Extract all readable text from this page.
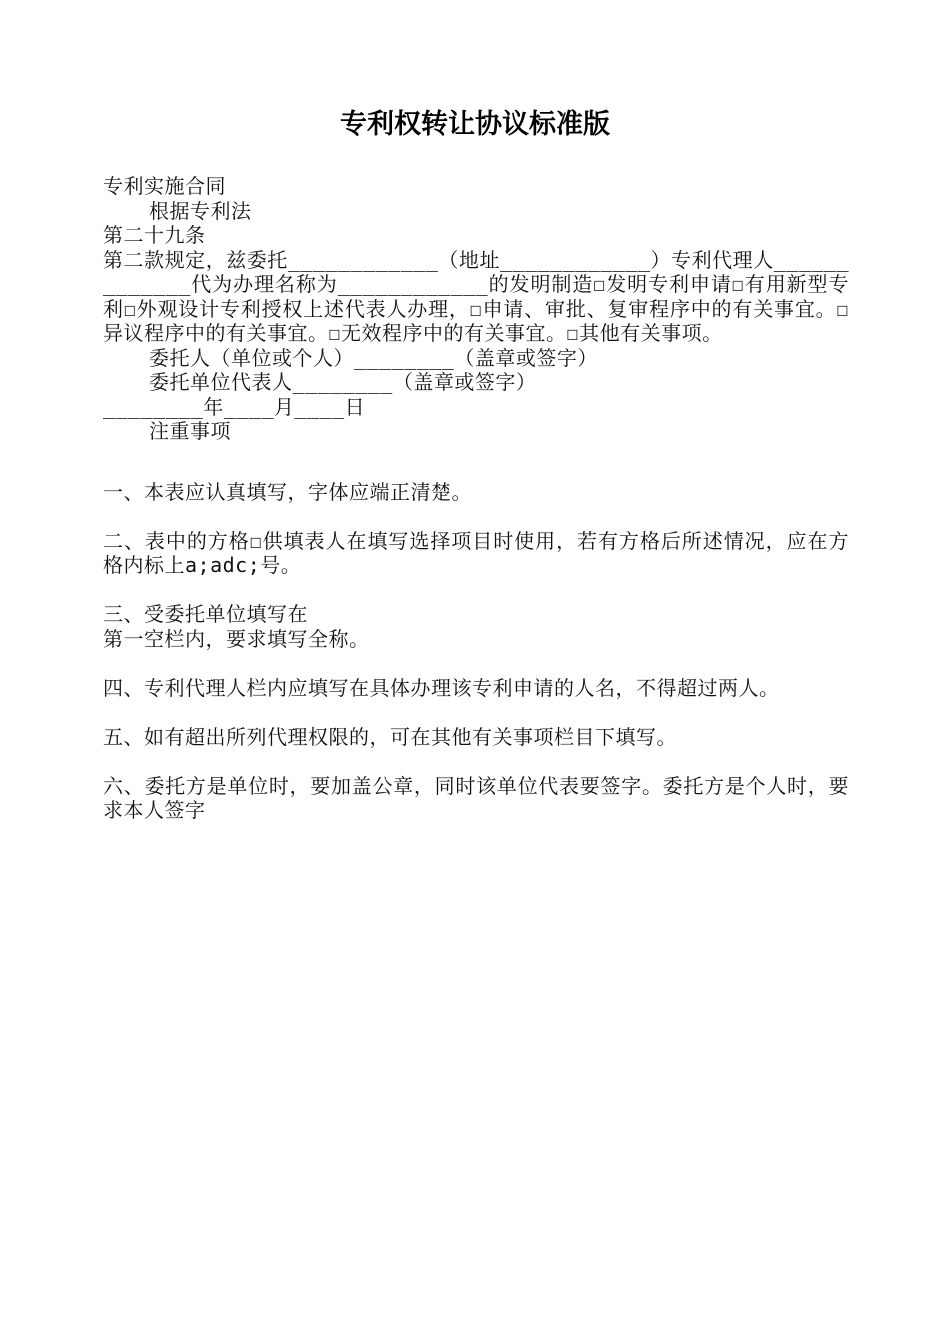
专利权转让协议标准版
专利实施合同
根据专利法
第二十九条
第二款规定，兹委托____________（地址____________）专利代理人_____________代为办理名称为____________的发明制造☐发明专利申请☐有用新型专利☐外观设计专利授权上述代表人办理，☐申请、审批、复审程序中的有关事宜。☐异议程序中的有关事宜。☐无效程序中的有关事宜。☐其他有关事项。
委托人（单位或个人）________（盖章或签字）
委托单位代表人________（盖章或签字）
________年____月____日
注重事项
一、本表应认真填写，字体应端正清楚。
二、表中的方格☐供填表人在填写选择项目时使用，若有方格后所述情况，应在方格内标上a;adc;号。
三、受委托单位填写在
第一空栏内，要求填写全称。
四、专利代理人栏内应填写在具体办理该专利申请的人名，不得超过两人。
五、如有超出所列代理权限的，可在其他有关事项栏目下填写。
六、委托方是单位时，要加盖公章，同时该单位代表要签字。委托方是个人时，要求本人签字
